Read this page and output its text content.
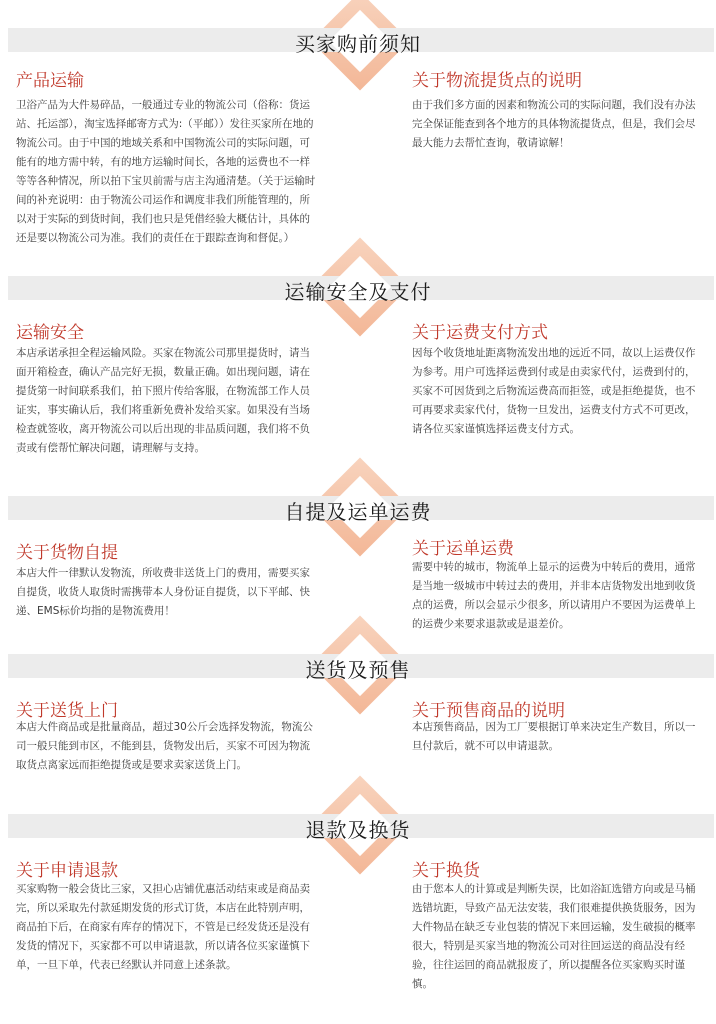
买家购前须知
产品运输
卫浴产品为大件易碎品，一般通过专业的物流公司（俗称：货运站、托运部），淘宝选择邮寄方式为:（平邮））发往买家所在地的物流公司。由于中国的地域关系和中国物流公司的实际问题，可能有的地方需中转，有的地方运输时间长，各地的运费也不一样等等各种情况，所以拍下宝贝前需与店主沟通清楚。（关于运输时间的补充说明：由于物流公司运作和调度非我们所能管理的，所以对于实际的到货时间，我们也只是凭借经验大概估计，具体的还是要以物流公司为准。我们的责任在于跟踪查询和督促。）
关于物流提货点的说明
由于我们多方面的因素和物流公司的实际问题，我们没有办法完全保证能查到各个地方的具体物流提货点，但是，我们会尽最大能力去帮忙查询，敬请谅解！
运输安全及支付
运输安全
本店承诺承担全程运输风险。买家在物流公司那里提货时，请当面开箱检查，确认产品完好无损，数量正确。如出现问题，请在提货第一时间联系我们，拍下照片传给客服，在物流部工作人员证实，事实确认后，我们将重新免费补发给买家。如果没有当场检查就签收，离开物流公司以后出现的非品质问题，我们将不负责或有偿帮忙解决问题，请理解与支持。
关于运费支付方式
因每个收货地址距离物流发出地的远近不同，故以上运费仅作为参考。用户可选择运费到付或是由卖家代付，运费到付的，买家不可因货到之后物流运费高而拒签，或是拒绝提货，也不可再要求卖家代付，货物一旦发出，运费支付方式不可更改，请各位买家谨慎选择运费支付方式。
自提及运单运费
关于货物自提
本店大件一律默认发物流，所收费非送货上门的费用，需要买家自提货，收货人取货时需携带本人身份证自提货，以下平邮、快递、EMS标价均指的是物流费用！
关于运单运费
需要中转的城市，物流单上显示的运费为中转后的费用，通常是当地一级城市中转过去的费用，并非本店货物发出地到收货点的运费，所以会显示少很多，所以请用户不要因为运费单上的运费少来要求退款或是退差价。
送货及预售
关于送货上门
本店大件商品或是批量商品，超过30公斤会选择发物流，物流公司一般只能到市区，不能到县，货物发出后，买家不可因为物流取货点离家远而拒绝提货或是要求卖家送货上门。
关于预售商品的说明
本店预售商品，因为工厂要根据订单来决定生产数目，所以一旦付款后，就不可以申请退款。
退款及换货
关于申请退款
买家购物一般会货比三家，又担心店铺优惠活动结束或是商品卖完，所以采取先付款延期发货的形式订货，本店在此特别声明，商品拍下后，在商家有库存的情况下，不管是已经发货还是没有发货的情况下，买家都不可以申请退款，所以请各位买家谨慎下单，一旦下单，代表已经默认并同意上述条款。
关于换货
由于您本人的计算或是判断失误，比如浴缸选错方向或是马桶选错坑距，导致产品无法安装，我们很难提供换货服务，因为大件物品在缺乏专业包装的情况下来回运输，发生破损的概率很大，特别是买家当地的物流公司对往回运送的商品没有经验，往往运回的商品就报废了，所以提醒各位买家购买时谨慎。
